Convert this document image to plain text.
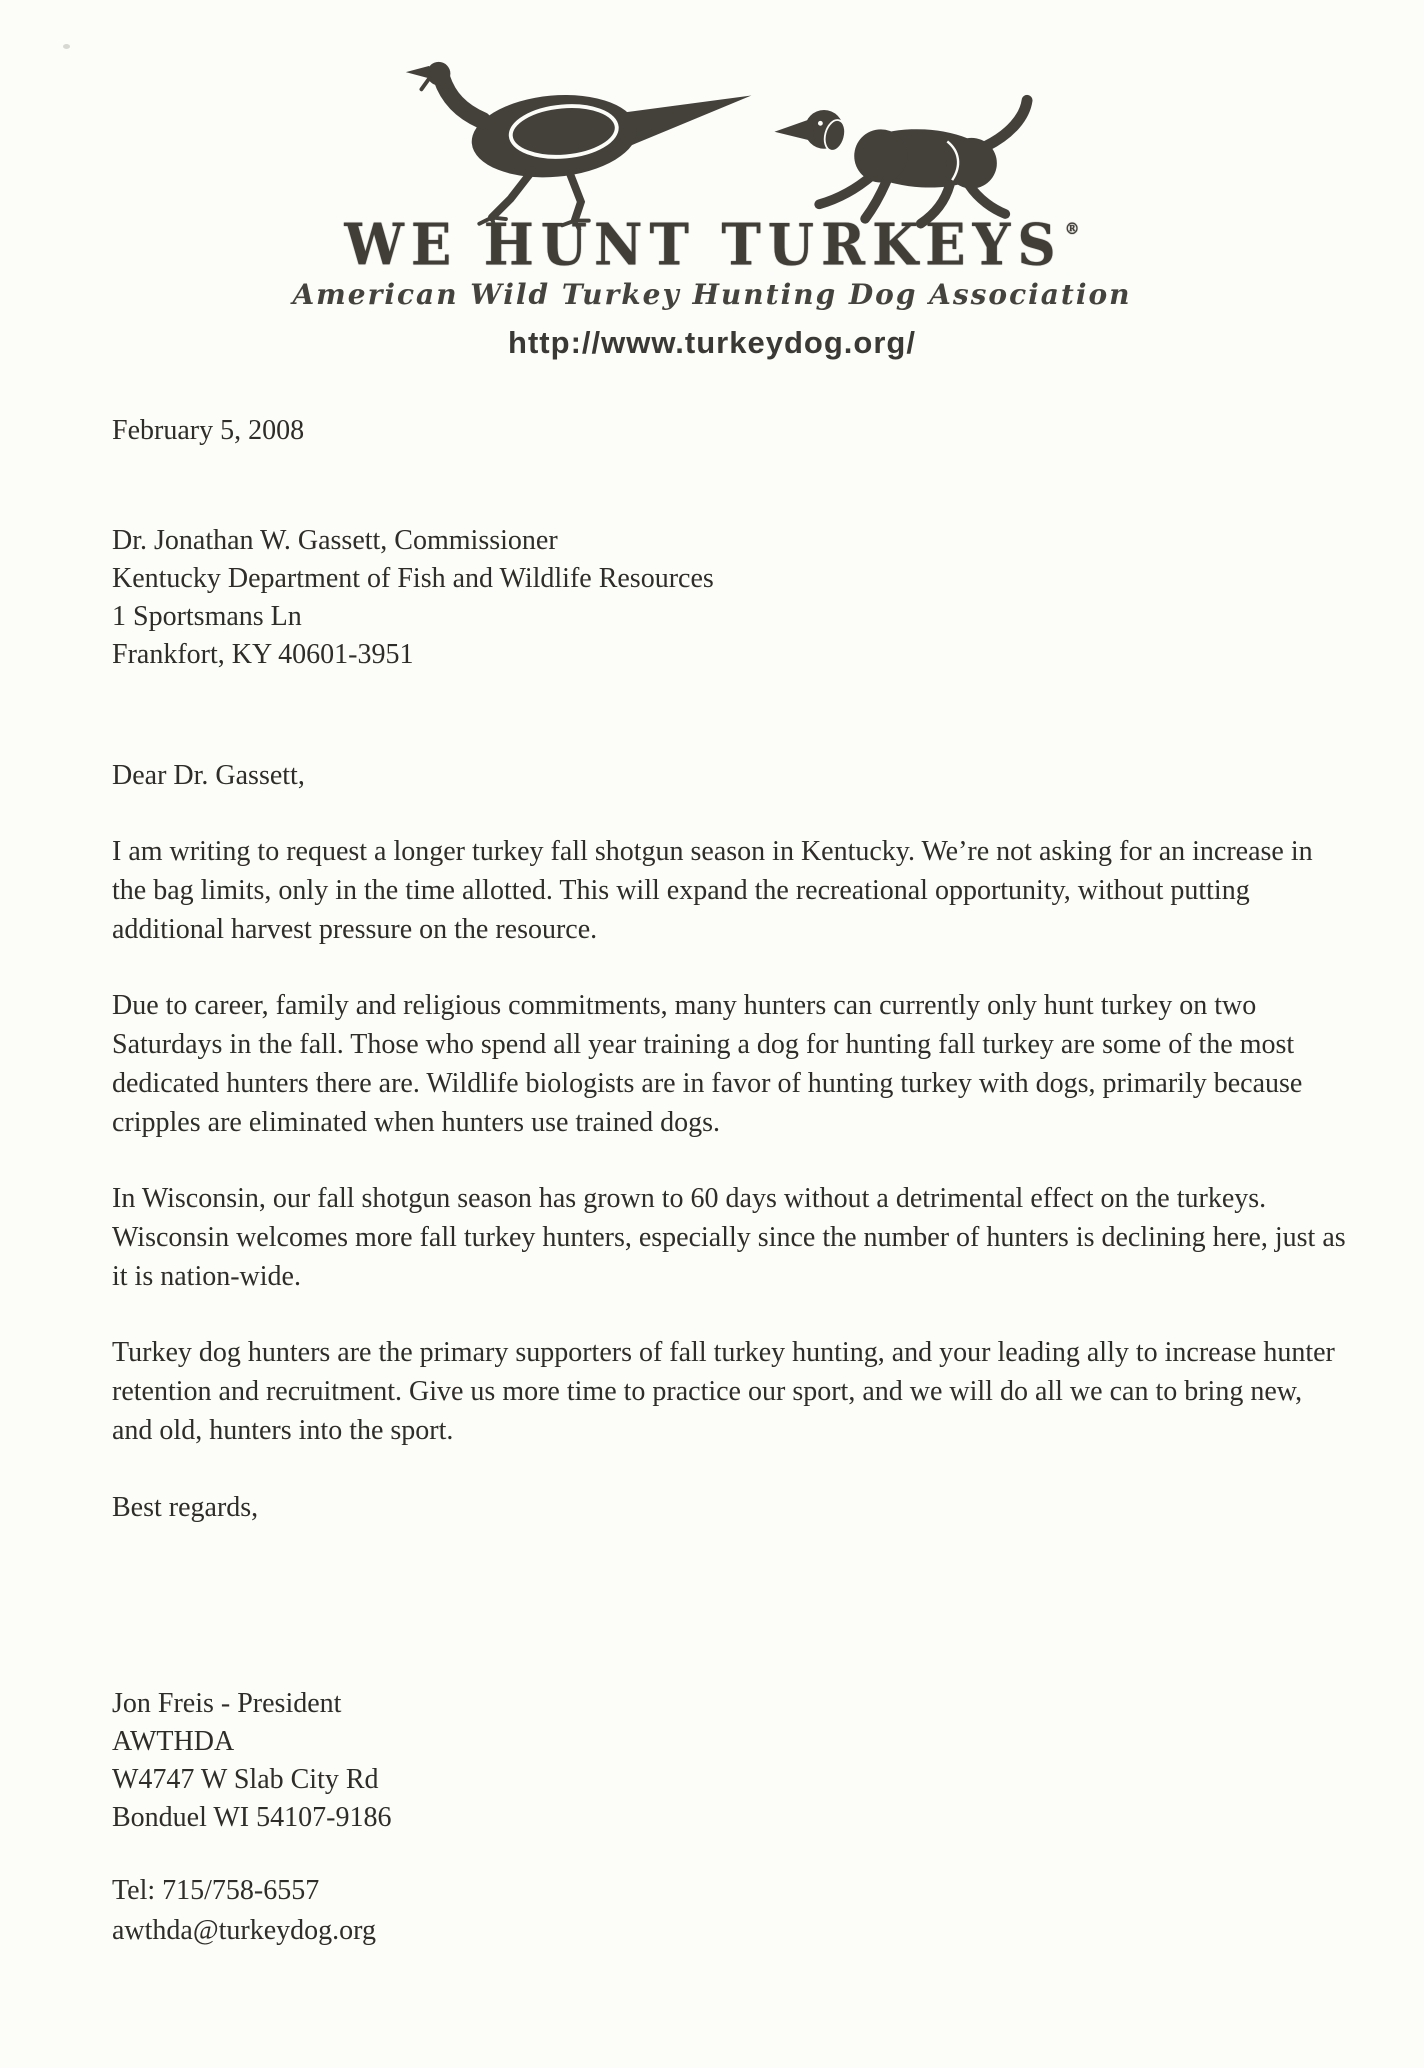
WE HUNT TURKEYS ®
American Wild Turkey Hunting Dog Association
http://www.turkeydog.org/
February 5, 2008
Dr. Jonathan W. Gassett, Commissioner
Kentucky Department of Fish and Wildlife Resources
1 Sportsmans Ln
Frankfort, KY 40601-3951
Dear Dr. Gassett,

I am writing to request a longer turkey fall shotgun season in Kentucky. We’re not asking for an increase in the bag limits, only in the time allotted. This will expand the recreational opportunity, without putting additional harvest pressure on the resource.

Due to career, family and religious commitments, many hunters can currently only hunt turkey on two Saturdays in the fall. Those who spend all year training a dog for hunting fall turkey are some of the most dedicated hunters there are. Wildlife biologists are in favor of hunting turkey with dogs, primarily because cripples are eliminated when hunters use trained dogs.

In Wisconsin, our fall shotgun season has grown to 60 days without a detrimental effect on the turkeys. Wisconsin welcomes more fall turkey hunters, especially since the number of hunters is declining here, just as it is nation-wide.

Turkey dog hunters are the primary supporters of fall turkey hunting, and your leading ally to increase hunter retention and recruitment. Give us more time to practice our sport, and we will do all we can to bring new, and old, hunters into the sport.

Best regards,
Jon Freis - President
AWTHDA
W4747 W Slab City Rd
Bonduel WI 54107-9186
Tel: 715/758-6557
awthda@turkeydog.org
